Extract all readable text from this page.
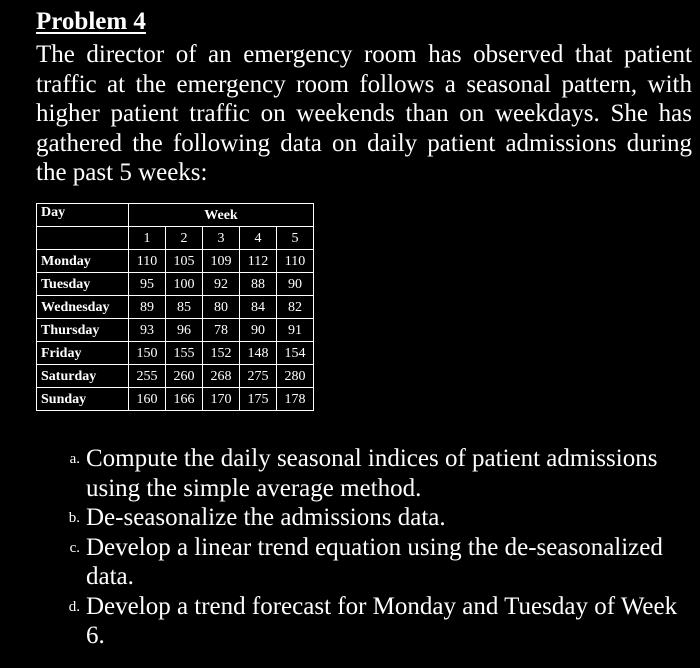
Problem 4

The director of an emergency room has observed that patient traffic at the emergency room follows a seasonal pattern, with higher patient traffic on weekends than on weekdays. She has gathered the following data on daily patient admissions during the past 5 weeks:

Day	Week				
	1	2	3	4	5
Monday	110	105	109	112	110
Tuesday	95	100	92	88	90
Wednesday	89	85	80	84	82
Thursday	93	96	78	90	91
Friday	150	155	152	148	154
Saturday	255	260	268	275	280
Sunday	160	166	170	175	178
a. Compute the daily seasonal indices of patient admissions using the simple average method.
b. De-seasonalize the admissions data.
c. Develop a linear trend equation using the de-seasonalized data.
d. Develop a trend forecast for Monday and Tuesday of Week 6.
